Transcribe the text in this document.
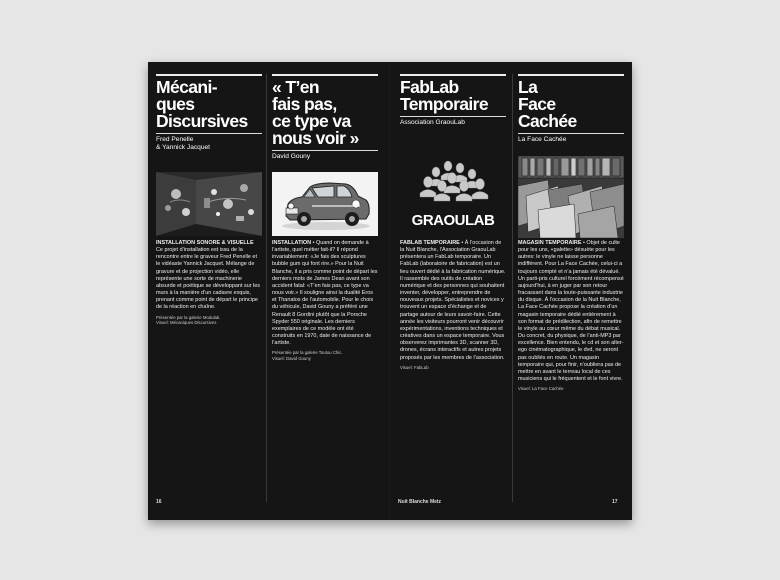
Mécani-
ques
Discursives
Fred Penelle
& Yannick Jacquet

INSTALLATION SONORE & VISUELLE

Ce projet d’installation est issu de la rencontre entre le graveur Fred Penelle et le vidéaste Yannick Jacquet. Mélange de gravure et de projection vidéo, elle représente une sorte de machinerie absurde et poétique se développant sur les murs à la manière d’un cadavre exquis, prenant comme point de départ le principe de la réaction en chaîne.

Présentée par la galerie Modulab.
Visuel: Mécaniques Discursives
« T’en
fais pas,
ce type va
nous voir »
David Gouny

INSTALLATION • Quand on demande à l’artiste, quel métier fait-il? Il répond invariablement: «Je fais des sculptures bubble gum qui font rire.» Pour la Nuit Blanche, il a pris comme point de départ les derniers mots de James Dean avant son accident fatal: «T’en fais pas, ce type va nous voir.» Il souligne ainsi la dualité Eros et Thanatos de l’automobile. Pour le choix du véhicule, David Gouny a préféré une Renault 8 Gordini plutôt que la Porsche Spyder 550 originale. Les derniers exemplaires de ce modèle ont été construits en 1970, date de naissance de l’artiste.

Présentée par la galerie Toutou Chic.
Visuel: David Gouny
16
FabLab
Temporaire
Association GraouLab
GRAOULAB

FABLAB TEMPORAIRE • À l’occasion de la Nuit Blanche, l’Association GraouLab présentera un FabLab temporaire. Un FabLab (laboratoire de fabrication) est un lieu ouvert dédié à la fabrication numérique. Il rassemble des outils de création numérique et des personnes qui souhaitent inventer, développer, entreprendre de nouveaux projets. Spécialistes et novices y trouvent un espace d’échange et de partage autour de leurs savoir-faire. Cette année les visiteurs pourront venir découvrir expérimentations, inventions techniques et créatives dans un espace temporaire. Vous observerez imprimantes 3D, scanner 3D, drones, écrans interactifs et autres projets proposés par les membres de l’association.

Visuel: FabLab
La
Face
Cachée
La Face Cachée

MAGASIN TEMPORAIRE • Objet de culte pour les uns, «galette» désuète pour les autres: le vinyle ne laisse personne indifférent. Pour La Face Cachée, celui-ci a toujours compté et n’a jamais été dévalué. Un parti-pris culturel forcément récompensé aujourd’hui, à en juger par son retour fracassant dans la toute-puissante industrie du disque. À l’occasion de la Nuit Blanche, La Face Cachée propose la création d’un magasin temporaire dédié entièrement à son format de prédilection, afin de remettre le vinyle au cœur même du débat musical. Du concret, du physique, de l’anti-MP3 par excellence. Bien entendu, le cd et son alter-ego cinématographique, le dvd, ne seront pas oubliés en route. Un magasin temporaire qui, pour finir, n’oubliera pas de mettre en avant le terreau local de ces musiciens qui le fréquentent et le font vivre.

Visuel: La Face Cachée
Nuit Blanche Metz	17
